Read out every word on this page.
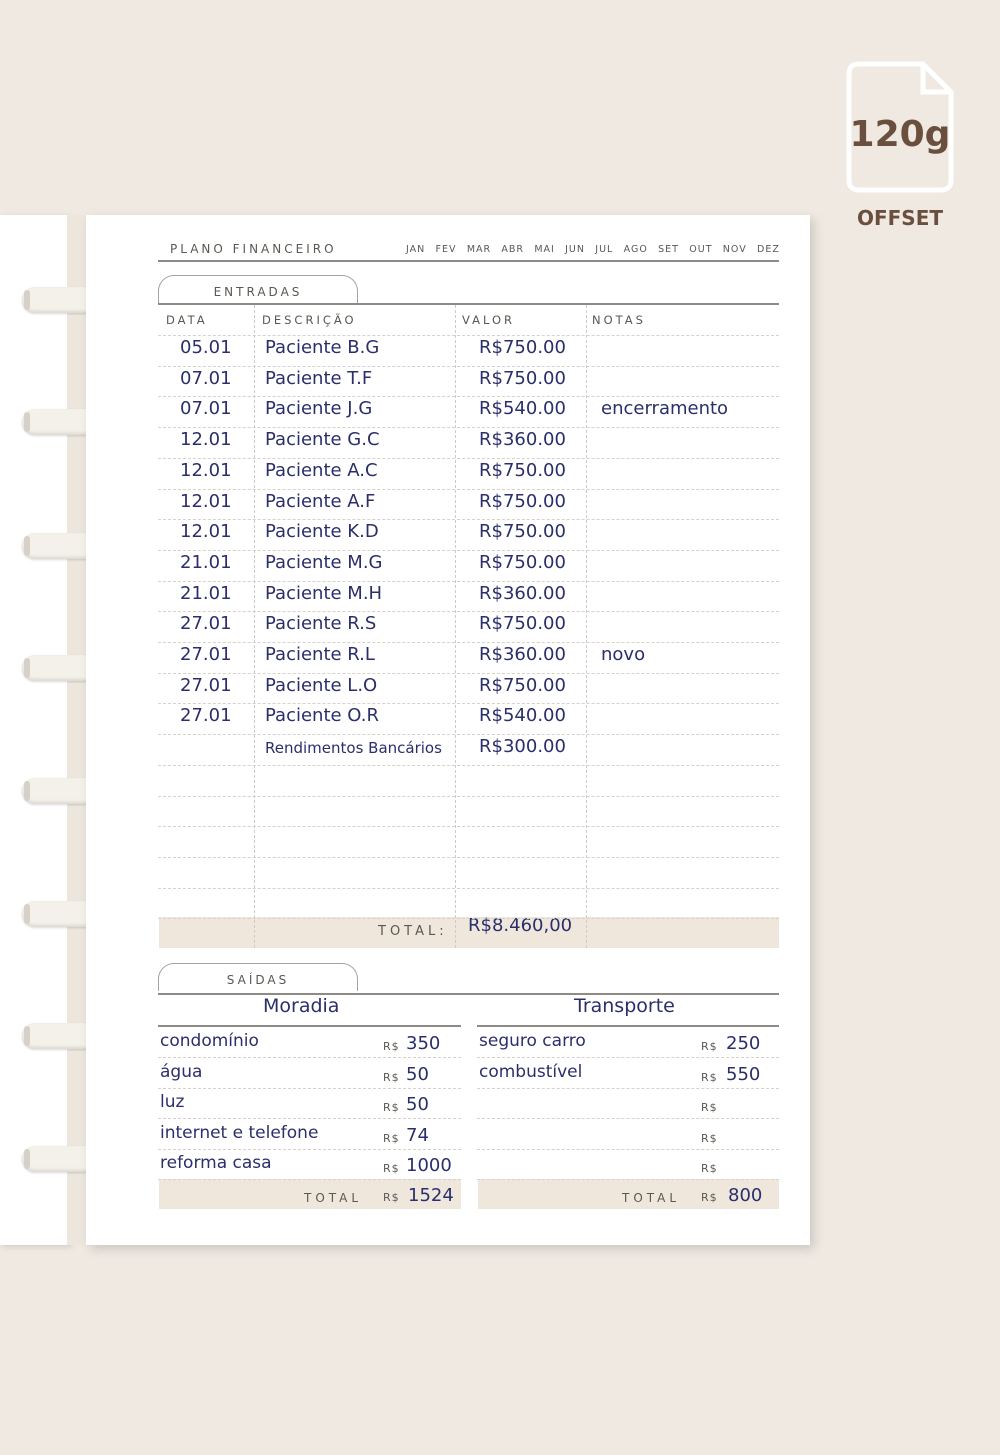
120g
OFFSET
PLANO FINANCEIRO	JAN FEV MAR ABR MAI JUN JUL AGO SET OUT NOV DEZ
ENTRADAS
DATA	DESCRIÇÃO	VALOR	NOTAS
TOTAL: R$8.460,00
SAÍDAS
Moradia	Transporte
TOTAL R$ 1524	TOTAL R$ 800
05.01 Paciente B.G	R$750.00
07.01 Paciente T.F	R$750.00
07.01 Paciente J.G	R$540.00 encerramento
12.01 Paciente G.C	R$360.00
12.01 Paciente A.C	R$750.00
12.01 Paciente A.F	R$750.00
12.01 Paciente K.D	R$750.00
21.01 Paciente M.G	R$750.00
21.01 Paciente M.H	R$360.00
27.01 Paciente R.S	R$750.00
27.01 Paciente R.L	R$360.00 novo
27.01 Paciente L.O	R$750.00
27.01 Paciente O.R	R$540.00
Rendimentos Bancários R$300.00
condomínio	R$ 350
água	R$ 50
luz	R$ 50
internet e telefone	R$ 74
reforma casa	R$ 1000
seguro carro	R$ 250
combustível	R$ 550
R$
R$
R$
